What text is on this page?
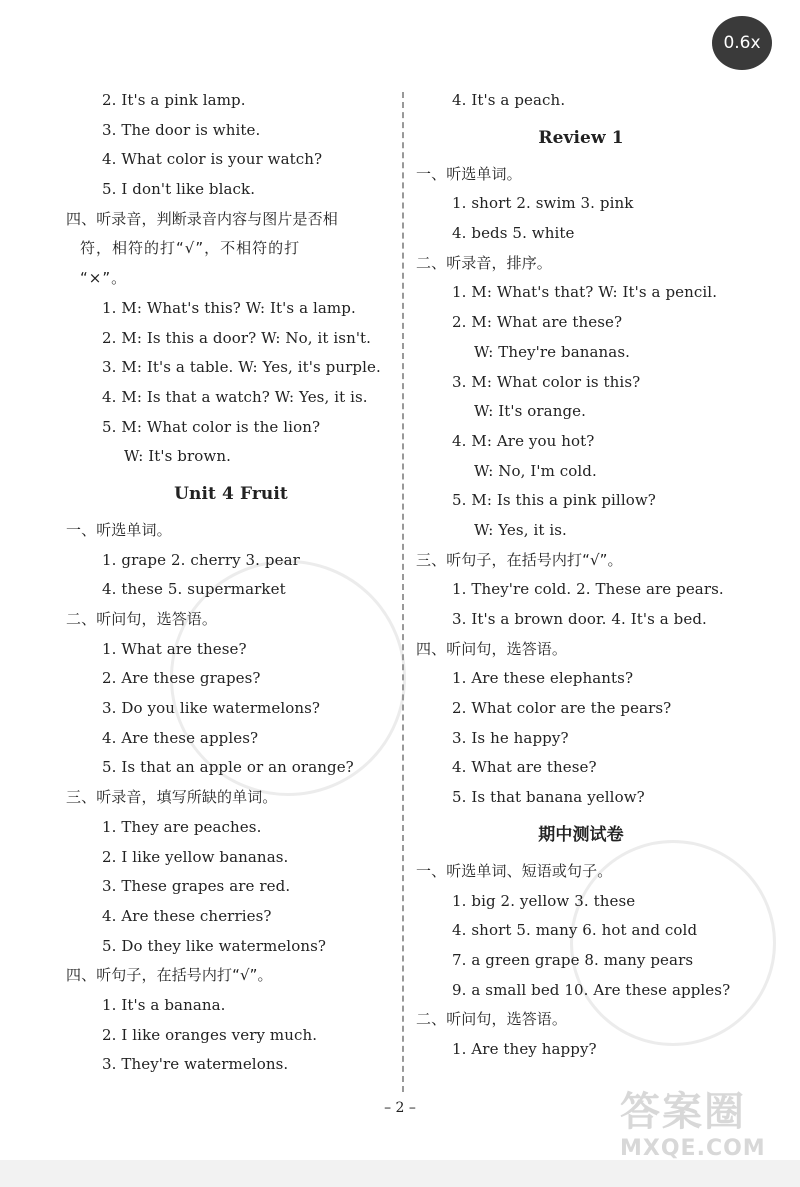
2. It's a pink lamp.
3. The door is white.
4. What color is your watch?
5. I don't like black.
四、听录音，判断录音内容与图片是否相
符，相符的打“√”，不相符的打
“×”。
1. M: What's this? W: It's a lamp.
2. M: Is this a door? W: No, it isn't.
3. M: It's a table. W: Yes, it's purple.
4. M: Is that a watch? W: Yes, it is.
5. M: What color is the lion?
W: It's brown.
Unit 4 Fruit
一、听选单词。
1. grape 2. cherry 3. pear
4. these 5. supermarket
二、听问句，选答语。
1. What are these?
2. Are these grapes?
3. Do you like watermelons?
4. Are these apples?
5. Is that an apple or an orange?
三、听录音，填写所缺的单词。
1. They are peaches.
2. I like yellow bananas.
3. These grapes are red.
4. Are these cherries?
5. Do they like watermelons?
四、听句子，在括号内打“√”。
1. It's a banana.
2. I like oranges very much.
3. They're watermelons.
4. It's a peach.
Review 1
一、听选单词。
1. short 2. swim 3. pink
4. beds 5. white
二、听录音，排序。
1. M: What's that? W: It's a pencil.
2. M: What are these?
W: They're bananas.
3. M: What color is this?
W: It's orange.
4. M: Are you hot?
W: No, I'm cold.
5. M: Is this a pink pillow?
W: Yes, it is.
三、听句子，在括号内打“√”。
1. They're cold. 2. These are pears.
3. It's a brown door. 4. It's a bed.
四、听问句，选答语。
1. Are these elephants?
2. What color are the pears?
3. Is he happy?
4. What are these?
5. Is that banana yellow?
期中测试卷
一、听选单词、短语或句子。
1. big 2. yellow 3. these
4. short 5. many 6. hot and cold
7. a green grape 8. many pears
9. a small bed 10. Are these apples?
二、听问句，选答语。
1. Are they happy?
– 2 –	答案圈
MXQE.COM
0.6x
